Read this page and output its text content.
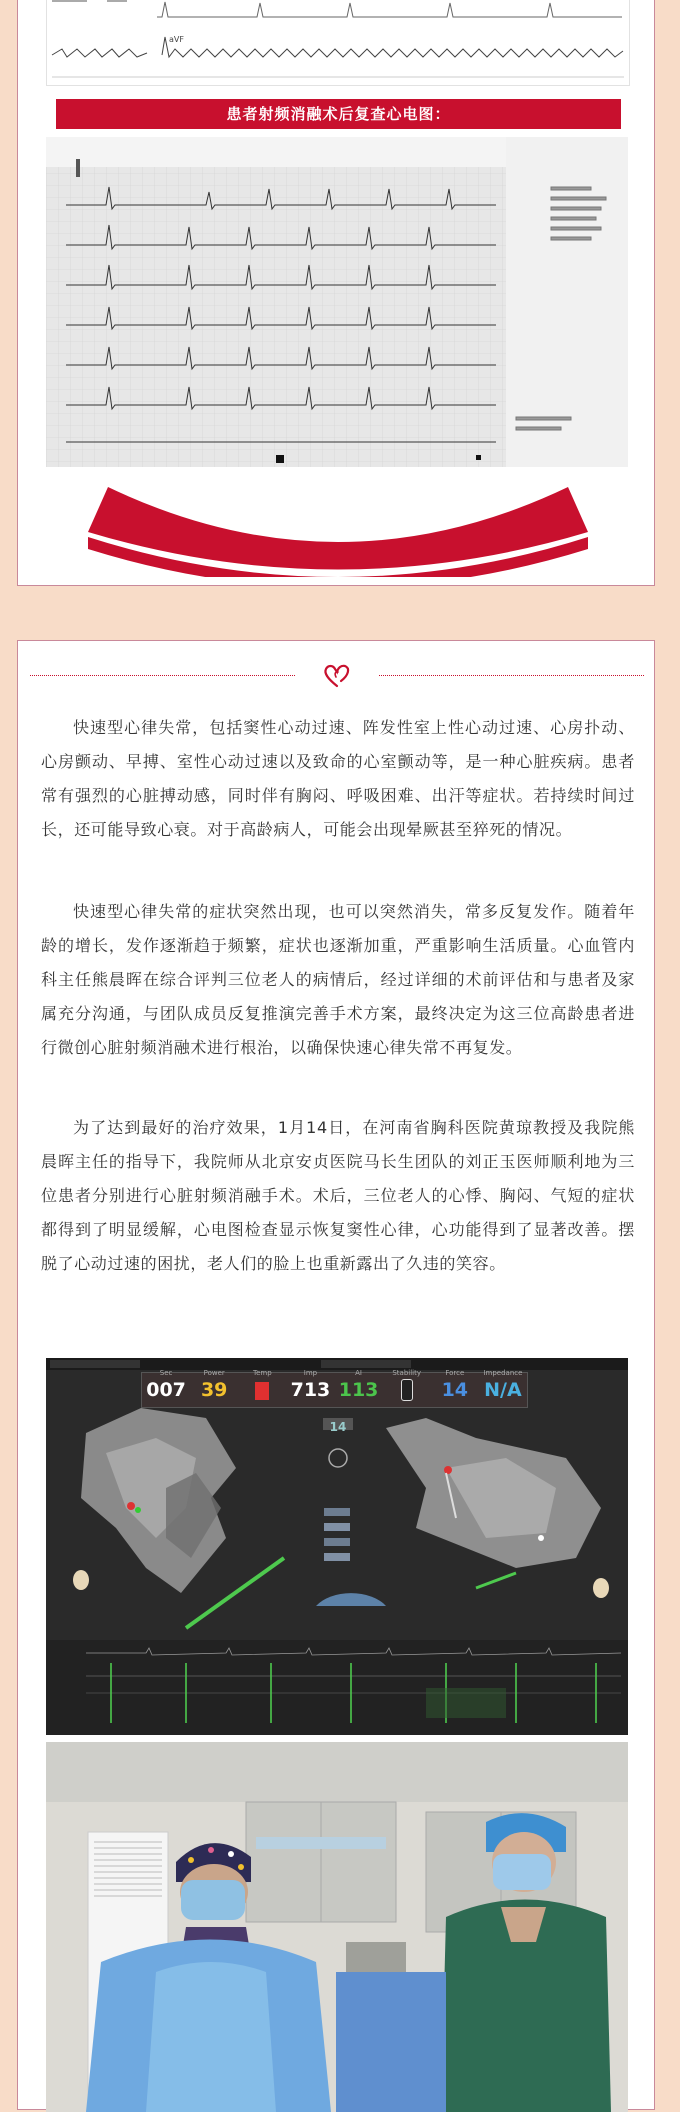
aVF
患者射频消融术后复查心电图：

快速型心律失常，包括窦性心动过速、阵发性室上性心动过速、心房扑动、心房颤动、早搏、室性心动过速以及致命的心室颤动等，是一种心脏疾病。患者常有强烈的心脏搏动感，同时伴有胸闷、呼吸困难、出汗等症状。若持续时间过长，还可能导致心衰。对于高龄病人，可能会出现晕厥甚至猝死的情况。

快速型心律失常的症状突然出现，也可以突然消失，常多反复发作。随着年龄的增长，发作逐渐趋于频繁，症状也逐渐加重，严重影响生活质量。心血管内科主任熊晨晖在综合评判三位老人的病情后，经过详细的术前评估和与患者及家属充分沟通，与团队成员反复推演完善手术方案，最终决定为这三位高龄患者进行微创心脏射频消融术进行根治，以确保快速心律失常不再复发。

为了达到最好的治疗效果，1月14日，在河南省胸科医院黄琼教授及我院熊晨晖主任的指导下，我院师从北京安贞医院马长生团队的刘正玉医师顺利地为三位患者分别进行心脏射频消融手术。术后，三位老人的心悸、胸闷、气短的症状都得到了明显缓解，心电图检查显示恢复窦性心律，心功能得到了显著改善。摆脱了心动过速的困扰，老人们的脸上也重新露出了久违的笑容。

Sec
007
Power
39
Temp	Imp
713
AI
113
Stability	Force
14
Impedance
N/A
14
